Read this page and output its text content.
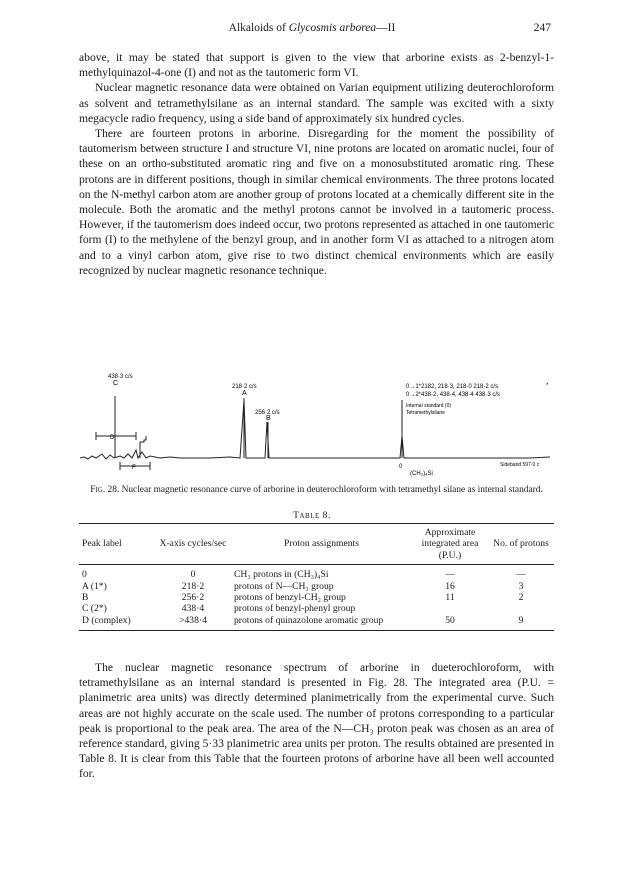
Alkaloids of Glycosmis arborea—II	247

above, it may be stated that support is given to the view that arborine exists as 2-benzyl-1-methylquinazol-4-one (I) and not as the tautomeric form VI.

Nuclear magnetic resonance data were obtained on Varian equipment utilizing deuterochloroform as solvent and tetramethylsilane as an internal standard. The sample was excited with a sixty megacycle radio frequency, using a side band of approximately six hundred cycles.

There are fourteen protons in arborine. Disregarding for the moment the possibility of tautomerism between structure I and structure VI, nine protons are located on aromatic nuclei, four of these on an ortho-substituted aromatic ring and five on a monosubstituted aromatic ring. These protons are in different positions, though in similar chemical environments. The three protons located on the N-methyl carbon atom are another group of protons located at a chemically different site in the molecule. Both the aromatic and the methyl protons cannot be involved in a tautomeric process. However, if the tautomerism does indeed occur, two protons represented as attached in one tautomeric form (I) to the methylene of the benzyl group, and in another form VI as attached to a nitrogen atom and to a vinyl carbon atom, give rise to two distinct chemical environments which are easily recognized by nuclear magnetic resonance technique.

438·3 c/s
C	218·2 c/s
A
256·2 c/s
B
0→1*2182, 218·3, 218·0 218·2 c/s
0→2*438·2, 438·4, 438·4 438·3 c/s
Internal standard (0)
Tetramethylsilane
0
(CH₃)₄Si
Sideband 597·0 c
D
F
*
Fig. 28. Nuclear magnetic resonance curve of arborine in deuterochloroform with tetramethyl silane as internal standard.
Table 8.
Peak label	X-axis cycles/sec	Proton assignments	Approximate integrated area (P.U.)	No. of protons
0	0	CH₃ protons in (CH₃)₄Si	—	—
A (1*)	218·2	protons of N—CH₃ group	16	3
B	256·2	protons of benzyl-CH₂ group	11	2
C (2*)	438·4	protons of benzyl-phenyl group		
D (complex)	>438·4	protons of quinazolone aromatic group	50	9

The nuclear magnetic resonance spectrum of arborine in dueterochloroform, with tetramethylsilane as an internal standard is presented in Fig. 28. The integrated area (P.U. = planimetric area units) was directly determined planimetrically from the experimental curve. Such areas are not highly accurate on the scale used. The number of protons corresponding to a particular peak is proportional to the peak area. The area of the N—CH₃ proton peak was chosen as an area of reference standard, giving 5·33 planimetric area units per proton. The results obtained are presented in Table 8. It is clear from this Table that the fourteen protons of arborine have all been well accounted for.
